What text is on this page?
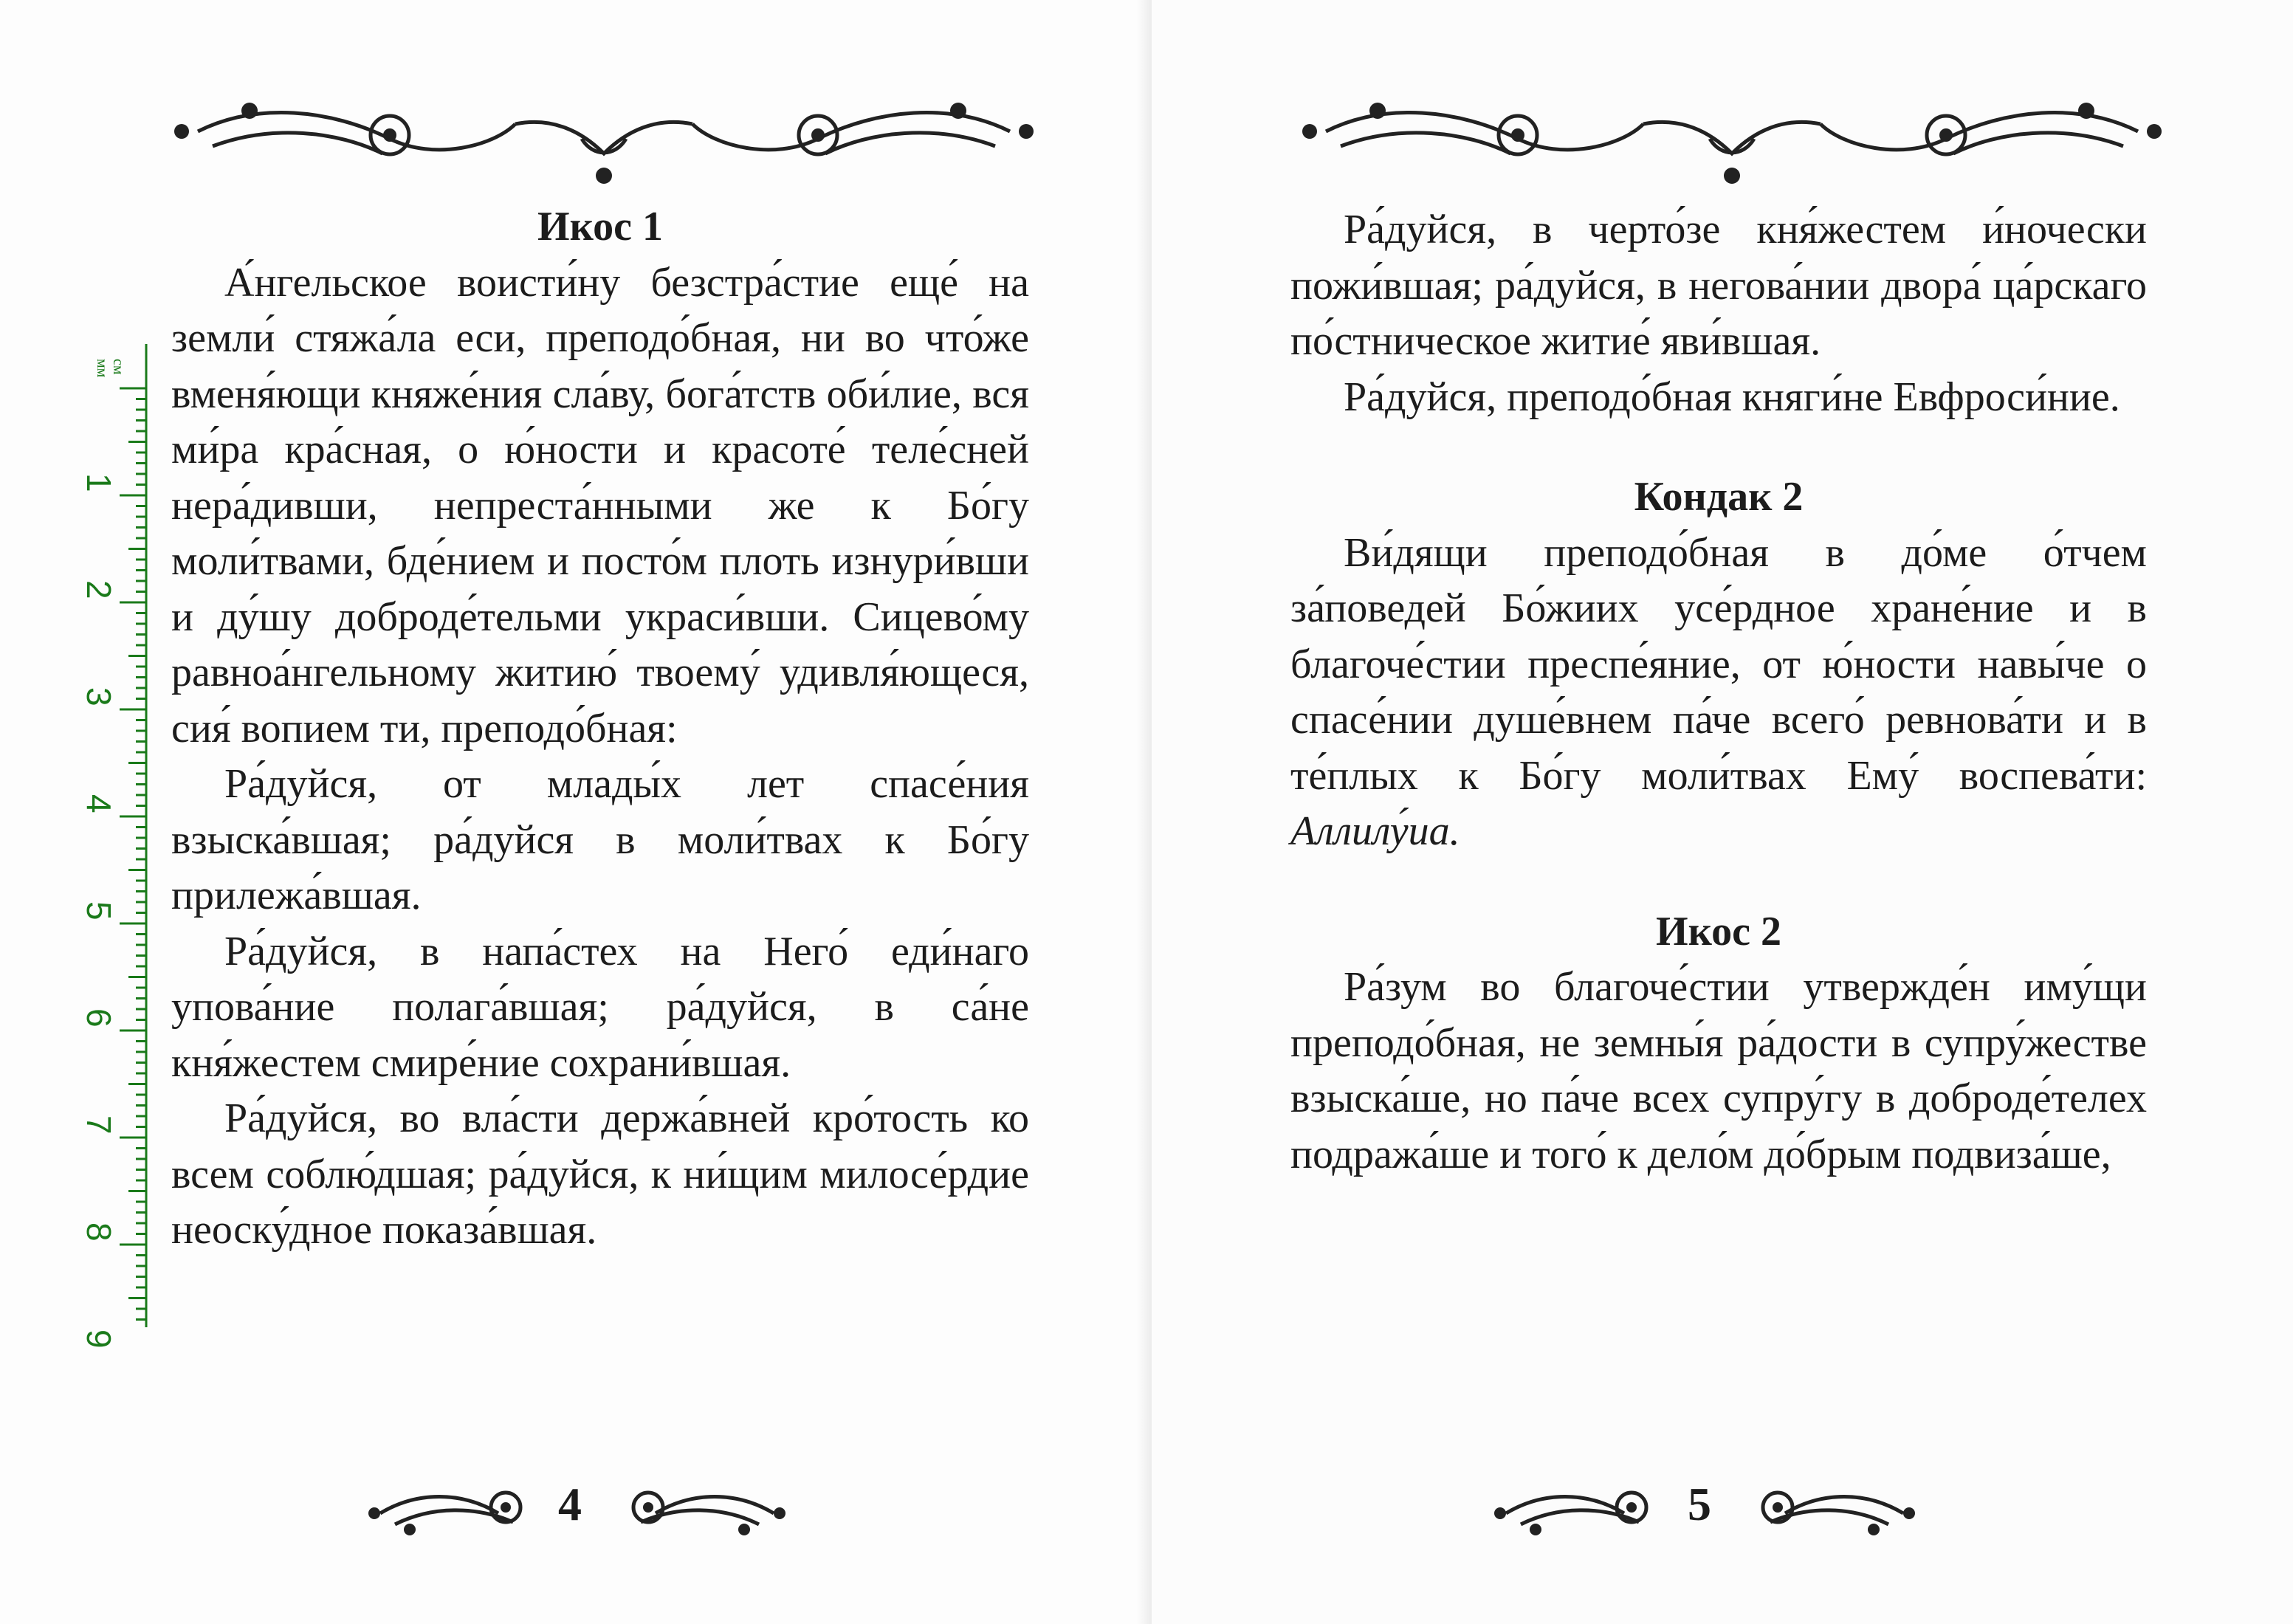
Икос 1

А́нгельское воисти́ну безстра́стие еще́ на земли́ стяжа́ла еси, преподо́бная, ни во что́же вменя́ющи княже́ния сла́ву, бога́тств оби́лие, вся ми́ра кра́сная, о ю́ности и красоте́ теле́сней нера́дивши, непреста́нными же к Бо́гу моли́твами, бде́нием и посто́м плоть изнури́вши и ду́шу доброде́тельми украси́вши. Сицево́му равноа́нгельному житию́ твоему́ удивля́ющеся, сия́ вопием ти, преподо́бная:

Ра́дуйся, от млады́х лет спасе́ния взыска́вшая; ра́дуйся в моли́твах к Бо́гу прилежа́вшая.

Ра́дуйся, в напа́стех на Него́ еди́наго упова́ние полага́вшая; ра́дуйся, в са́не кня́жестем смире́ние сохрани́вшая.

Ра́дуйся, во вла́сти держа́вней кро́тость ко всем соблю́дшая; ра́дуйся, к ни́щим милосе́рдие неоску́дное показа́вшая.

4
мм см
1
2
3
4
5
6
7
8
9

Ра́дуйся, в черто́зе кня́жестем и́ночески пожи́вшая; ра́дуйся, в негова́нии двора́ ца́рскаго по́стническое житие́ яви́вшая.

Ра́дуйся, преподо́бная княги́не Евфроси́ние.

Кондак 2

Ви́дящи преподо́бная в до́ме о́тчем за́поведей Бо́жиих усе́рдное хране́ние и в благоче́стии преспе́яние, от ю́ности навы́че о спасе́нии душе́внем па́че всего́ ревнова́ти и в те́плых к Бо́гу моли́твах Ему́ воспева́ти: Аллилу́иа.

Икос 2

Ра́зум во благоче́стии утвержде́н иму́щи преподо́бная, не земны́я ра́дости в супру́жестве взыска́ше, но па́че всех супру́гу в доброде́телех подража́ше и того́ к дело́м до́брым подвиза́ше,

5
